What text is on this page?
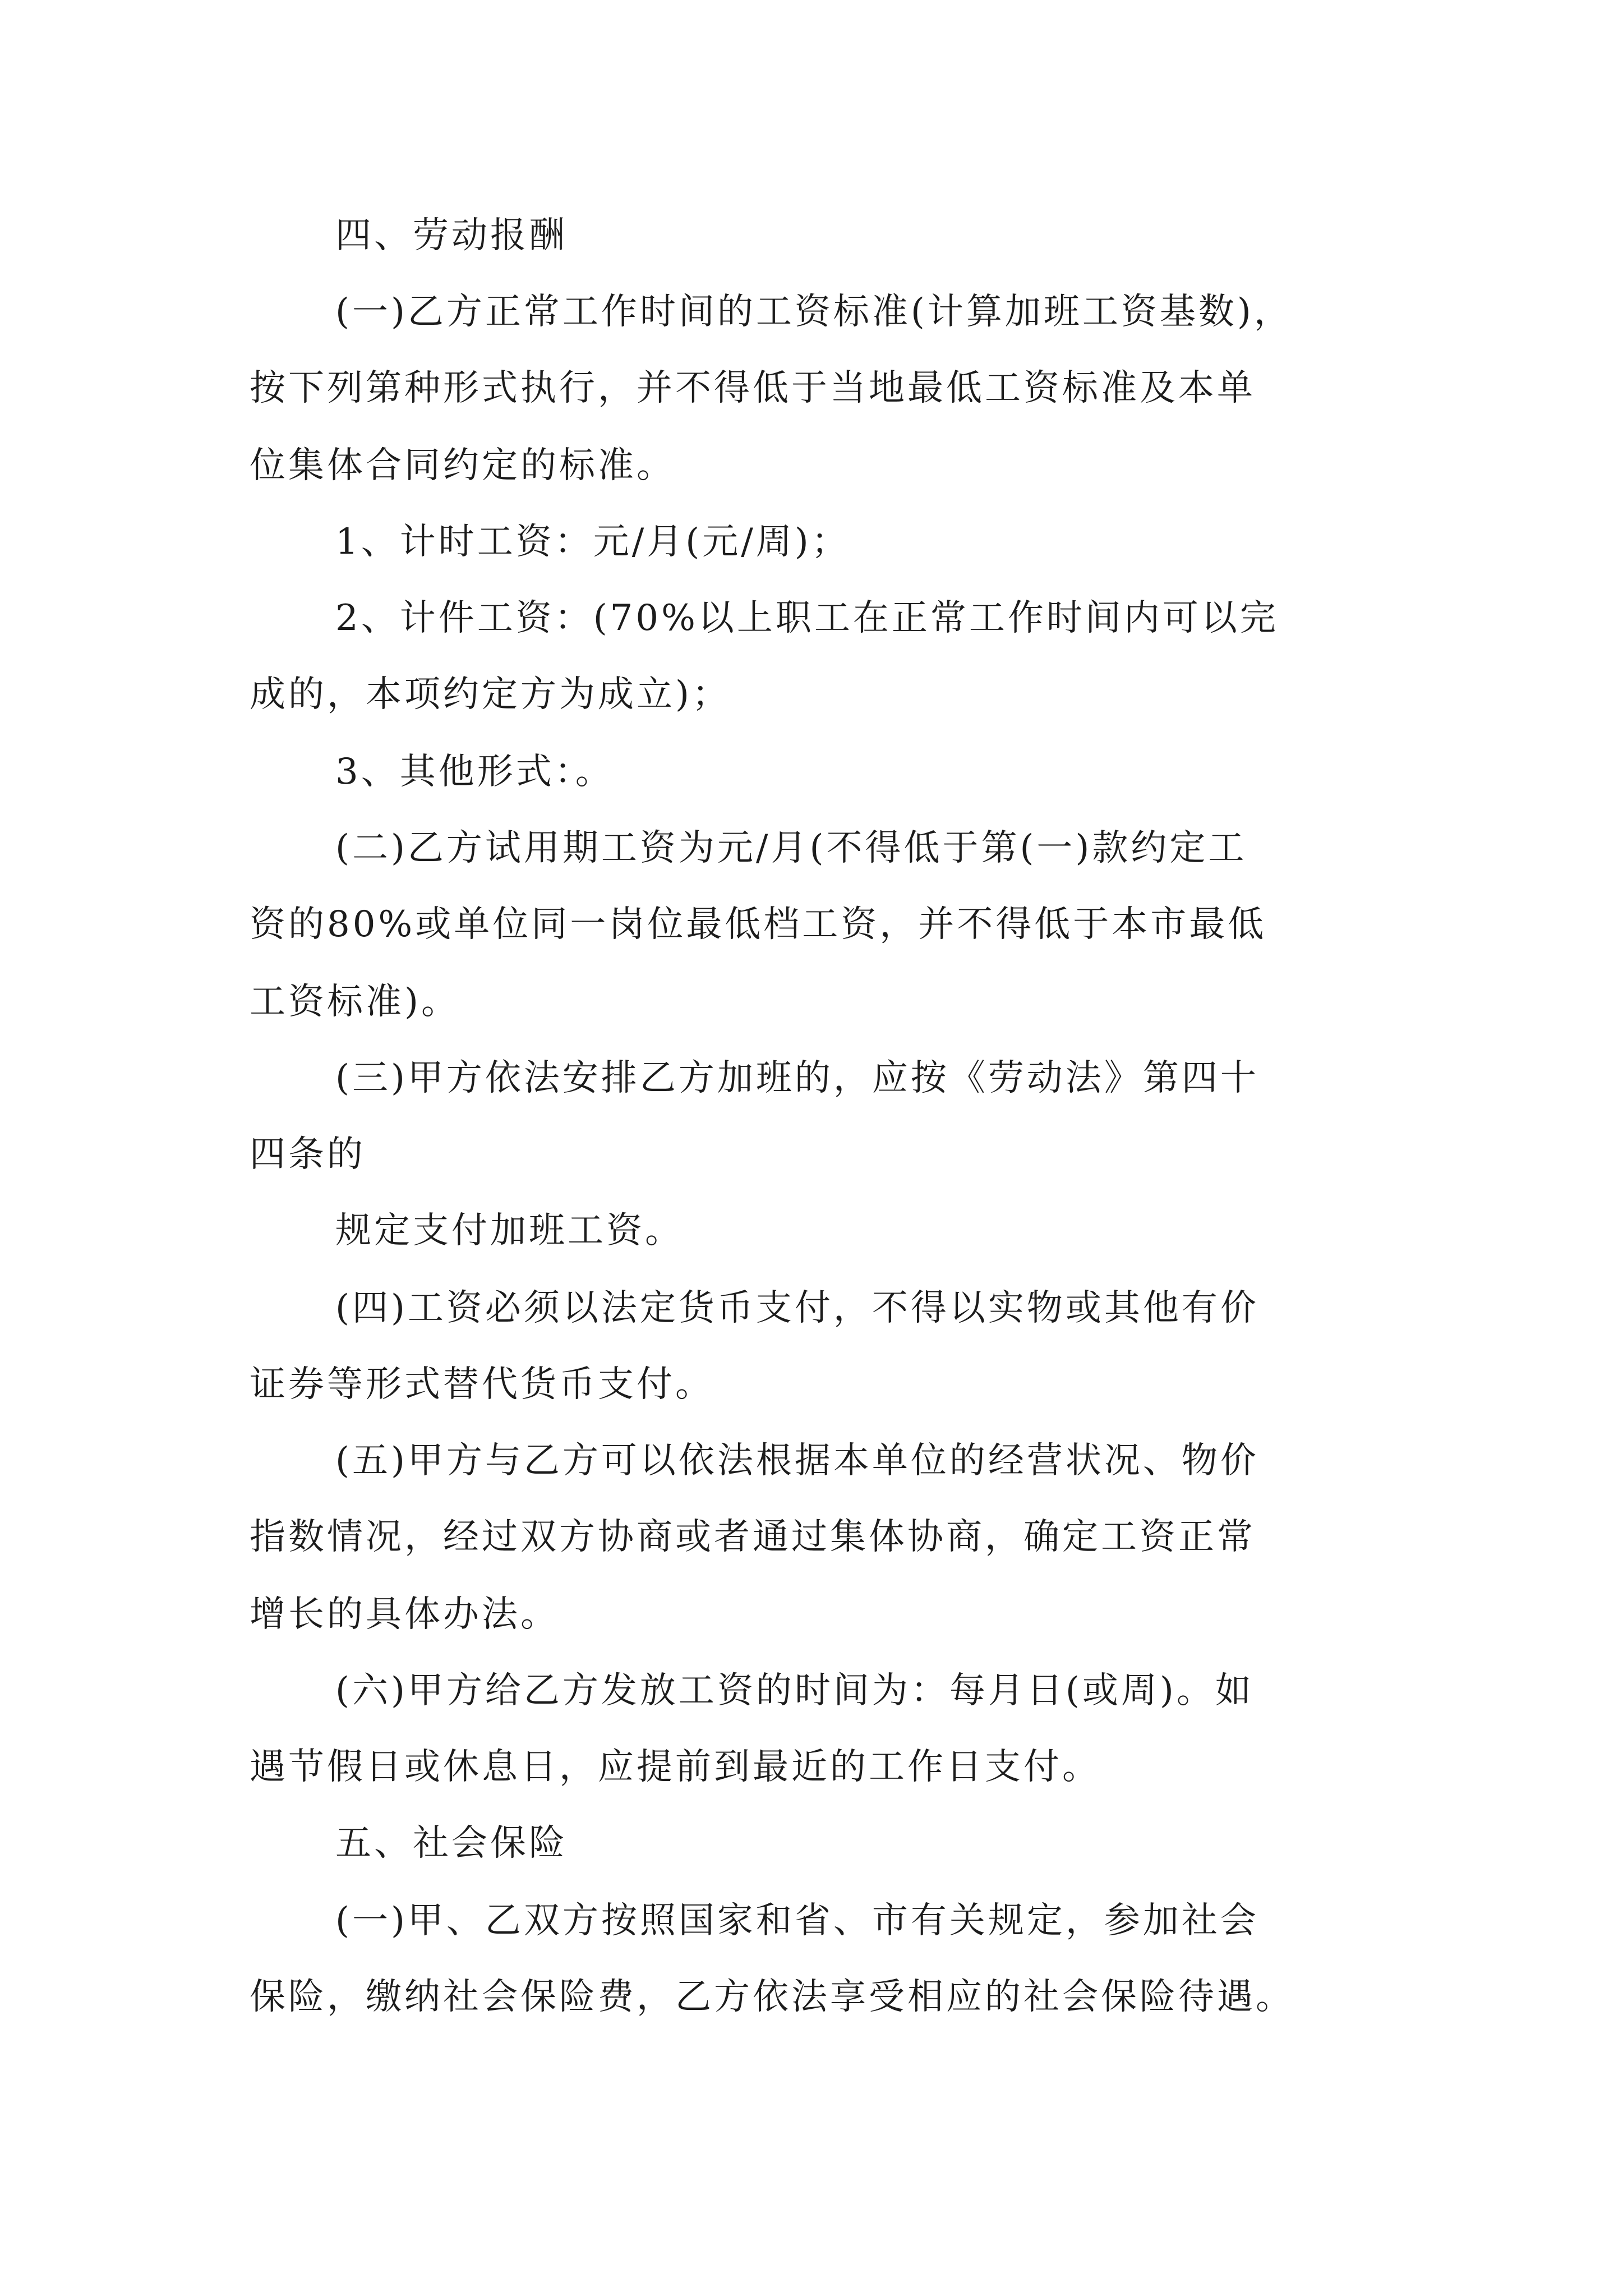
四、劳动报酬
(一)乙方正常工作时间的工资标准(计算加班工资基数)，
按下列第种形式执行，并不得低于当地最低工资标准及本单
位集体合同约定的标准。
1、计时工资：元/月(元/周)；
2、计件工资：(70%以上职工在正常工作时间内可以完
成的，本项约定方为成立)；
3、其他形式：。
(二)乙方试用期工资为元/月(不得低于第(一)款约定工
资的80%或单位同一岗位最低档工资，并不得低于本市最低
工资标准)。
(三)甲方依法安排乙方加班的，应按《劳动法》第四十
四条的
规定支付加班工资。
(四)工资必须以法定货币支付，不得以实物或其他有价
证券等形式替代货币支付。
(五)甲方与乙方可以依法根据本单位的经营状况、物价
指数情况，经过双方协商或者通过集体协商，确定工资正常
增长的具体办法。
(六)甲方给乙方发放工资的时间为：每月日(或周)。如
遇节假日或休息日，应提前到最近的工作日支付。
五、社会保险
(一)甲、乙双方按照国家和省、市有关规定，参加社会
保险，缴纳社会保险费，乙方依法享受相应的社会保险待遇。
